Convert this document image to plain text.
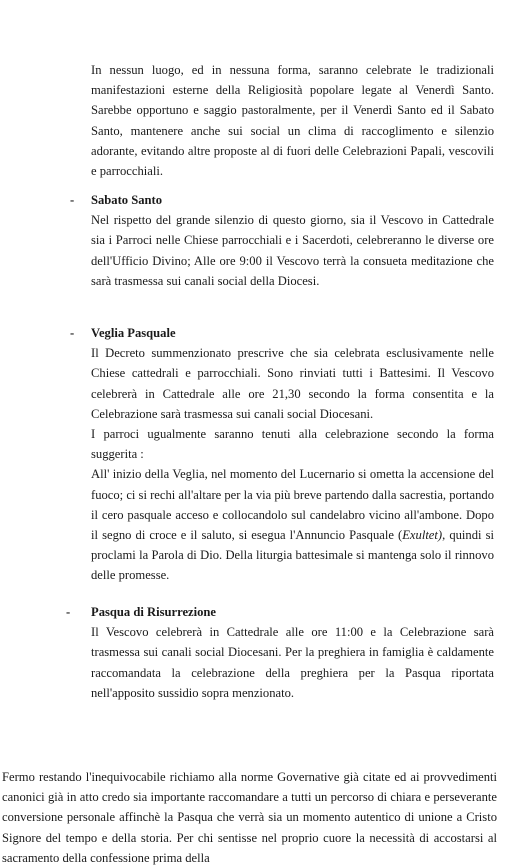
In nessun luogo, ed in nessuna forma, saranno celebrate le tradizionali manifestazioni esterne della Religiosità popolare legate al Venerdì Santo. Sarebbe opportuno e saggio pastoralmente, per il Venerdì Santo ed il Sabato Santo, mantenere anche sui social un clima di raccoglimento e silenzio adorante, evitando altre proposte al di fuori delle Celebrazioni Papali, vescovili e parrocchiali.

- Sabato Santo

Nel rispetto del grande silenzio di questo giorno, sia il Vescovo in Cattedrale sia i Parroci nelle Chiese parrocchiali e i Sacerdoti, celebreranno le diverse ore dell'Ufficio Divino; Alle ore 9:00 il Vescovo terrà la consueta meditazione che sarà trasmessa sui canali social della Diocesi.

- Veglia Pasquale

Il Decreto summenzionato prescrive che sia celebrata esclusivamente nelle Chiese cattedrali e parrocchiali. Sono rinviati tutti i Battesimi. Il Vescovo celebrerà in Cattedrale alle ore 21,30 secondo la forma consentita e la Celebrazione sarà trasmessa sui canali social Diocesani.

I parroci ugualmente saranno tenuti alla celebrazione secondo la forma suggerita :

All' inizio della Veglia, nel momento del Lucernario si ometta la accensione del fuoco; ci si rechi all'altare per la via più breve partendo dalla sacrestia, portando il cero pasquale acceso e collocandolo sul candelabro vicino all'ambone. Dopo il segno di croce e il saluto, si esegua l'Annuncio Pasquale (Exultet), quindi si proclami la Parola di Dio. Della liturgia battesimale si mantenga solo il rinnovo delle promesse.

- Pasqua di Risurrezione

Il Vescovo celebrerà in Cattedrale alle ore 11:00 e la Celebrazione sarà trasmessa sui canali social Diocesani. Per la preghiera in famiglia è caldamente raccomandata la celebrazione della preghiera per la Pasqua riportata nell'apposito sussidio sopra menzionato.

Fermo restando l'inequivocabile richiamo alla norme Governative già citate ed ai provvedimenti canonici già in atto credo sia importante raccomandare a tutti un percorso di chiara e perseverante conversione personale affinchè la Pasqua che verrà sia un momento autentico di unione a Cristo Signore del tempo e della storia. Per chi sentisse nel proprio cuore la necessità di accostarsi al sacramento della confessione prima della
